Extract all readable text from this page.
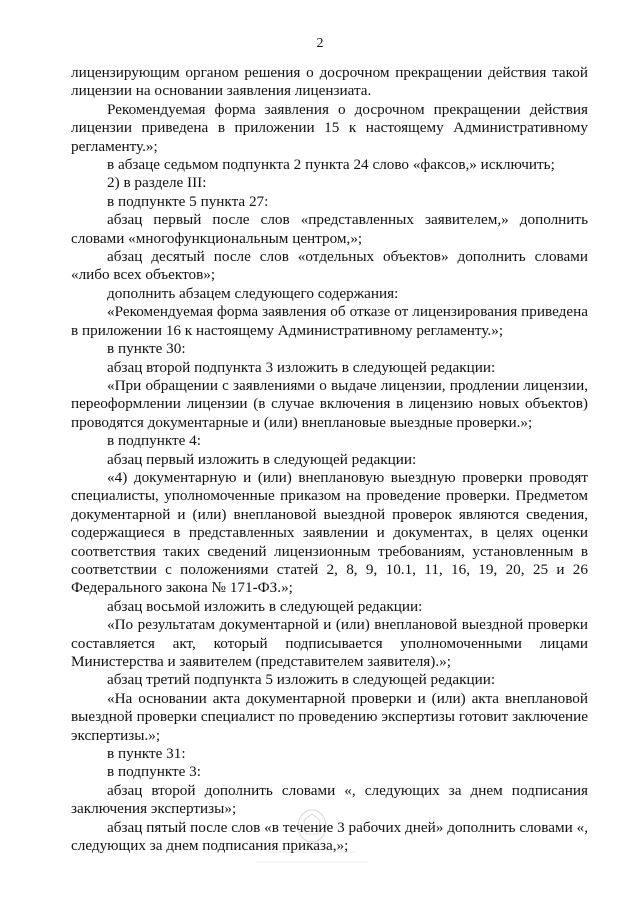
2

лицензирующим органом решения о досрочном прекращении действия такой лицензии на основании заявления лицензиата.

Рекомендуемая форма заявления о досрочном прекращении действия лицензии приведена в приложении 15 к настоящему Административному регламенту.»;

в абзаце седьмом подпункта 2 пункта 24 слово «факсов,» исключить;

2) в разделе III:

в подпункте 5 пункта 27:

абзац первый после слов «представленных заявителем,» дополнить словами «многофункциональным центром,»;

абзац десятый после слов «отдельных объектов» дополнить словами «либо всех объектов»;

дополнить абзацем следующего содержания:

«Рекомендуемая форма заявления об отказе от лицензирования приведена в приложении 16 к настоящему Административному регламенту.»;

в пункте 30:

абзац второй подпункта 3 изложить в следующей редакции:

«При обращении с заявлениями о выдаче лицензии, продлении лицензии, переоформлении лицензии (в случае включения в лицензию новых объектов) проводятся документарные и (или) внеплановые выездные проверки.»;

в подпункте 4:

абзац первый изложить в следующей редакции:

«4) документарную и (или) внеплановую выездную проверки проводят специалисты, уполномоченные приказом на проведение проверки. Предметом документарной и (или) внеплановой выездной проверок являются сведения, содержащиеся в представленных заявлении и документах, в целях оценки соответствия таких сведений лицензионным требованиям, установленным в соответствии с положениями статей 2, 8, 9, 10.1, 11, 16, 19, 20, 25 и 26 Федерального закона № 171-ФЗ.»;

абзац восьмой изложить в следующей редакции:

«По результатам документарной и (или) внеплановой выездной проверки составляется акт, который подписывается уполномоченными лицами Министерства и заявителем (представителем заявителя).»;

абзац третий подпункта 5 изложить в следующей редакции:

«На основании акта документарной проверки и (или) акта внеплановой выездной проверки специалист по проведению экспертизы готовит заключение экспертизы.»;

в пункте 31:

в подпункте 3:

абзац второй дополнить словами «, следующих за днем подписания заключения экспертизы»;

абзац пятый после слов «в течение 3 рабочих дней» дополнить словами «, следующих за днем подписания приказа,»;
